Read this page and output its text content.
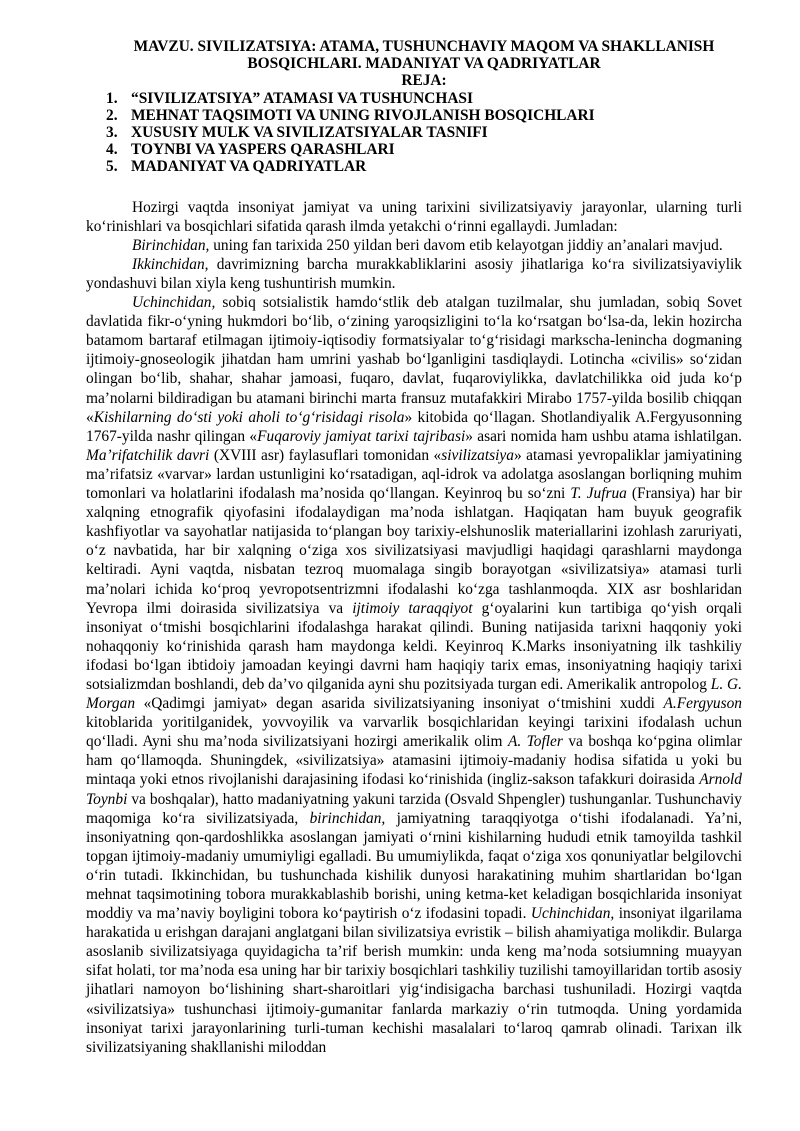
MAVZU. SIVILIZATSIYA: ATAMA, TUSHUNCHAVIY MAQOM VA SHAKLLANISH
BOSQICHLARI. MADANIYAT VA QADRIYATLAR
REJA:
1. “SIVILIZATSIYA” ATAMASI VA TUSHUNCHASI
2. MEHNAT TAQSIMOTI VA UNING RIVOJLANISH BOSQICHLARI
3. XUSUSIY MULK VA SIVILIZATSIYALAR TASNIFI
4. TOYNBI VA YASPERS QARASHLARI
5. MADANIYAT VA QADRIYATLAR

Hozirgi vaqtda insoniyat jamiyat va uning tarixini sivilizatsiyaviy jarayonlar, ularning turli ko‘rinishlari va bosqichlari sifatida qarash ilmda yetakchi o‘rinni egallaydi. Jumladan:

Birinchidan, uning fan tarixida 250 yildan beri davom etib kelayotgan jiddiy an’analari mavjud.

Ikkinchidan, davrimizning barcha murakkabliklarini asosiy jihatlariga ko‘ra sivilizatsiyaviylik yondashuvi bilan xiyla keng tushuntirish mumkin.

Uchinchidan, sobiq sotsialistik hamdo‘stlik deb atalgan tuzilmalar, shu jumladan, sobiq Sovet davlatida fikr-o‘yning hukmdori bo‘lib, o‘zining yaroqsizligini to‘la ko‘rsatgan bo‘lsa-da, lekin hozircha batamom bartaraf etilmagan ijtimoiy-iqtisodiy formatsiyalar to‘g‘risidagi markscha-lenincha dogmaning ijtimoiy-gnoseologik jihatdan ham umrini yashab bo‘lganligini tasdiqlaydi. Lotincha «civilis» so‘zidan olingan bo‘lib, shahar, shahar jamoasi, fuqaro, davlat, fuqaroviylikka, davlatchilikka oid juda ko‘p ma’nolarni bildiradigan bu atamani birinchi marta fransuz mutafakkiri Mirabo 1757-yilda bosilib chiqqan «Kishilarning do‘sti yoki aholi to‘g‘risidagi risola» kitobida qo‘llagan. Shotlandiyalik A.Fergyusonning 1767-yilda nashr qilingan «Fuqaroviy jamiyat tarixi tajribasi» asari nomida ham ushbu atama ishlatilgan. Ma’rifatchilik davri (XVIII asr) faylasuflari tomonidan «sivilizatsiya» atamasi yevropaliklar jamiyatining ma’rifatsiz «varvar» lardan ustunligini ko‘rsatadigan, aql-idrok va adolatga asoslangan borliqning muhim tomonlari va holatlarini ifodalash ma’nosida qo‘llangan. Keyinroq bu so‘zni T. Jufrua (Fransiya) har bir xalqning etnografik qiyofasini ifodalaydigan ma’noda ishlatgan. Haqiqatan ham buyuk geografik kashfiyotlar va sayohatlar natijasida to‘plangan boy tarixiy-elshunoslik materiallarini izohlash zaruriyati, o‘z navbatida, har bir xalqning o‘ziga xos sivilizatsiyasi mavjudligi haqidagi qarashlarni maydonga keltiradi. Ayni vaqtda, nisbatan tezroq muomalaga singib borayotgan «sivilizatsiya» atamasi turli ma’nolari ichida ko‘proq yevropotsentrizmni ifodalashi ko‘zga tashlanmoqda. XIX asr boshlaridan Yevropa ilmi doirasida sivilizatsiya va ijtimoiy taraqqiyot g‘oyalarini kun tartibiga qo‘yish orqali insoniyat o‘tmishi bosqichlarini ifodalashga harakat qilindi. Buning natijasida tarixni haqqoniy yoki nohaqqoniy ko‘rinishida qarash ham maydonga keldi. Keyinroq K.Marks insoniyatning ilk tashkiliy ifodasi bo‘lgan ibtidoiy jamoadan keyingi davrni ham haqiqiy tarix emas, insoniyatning haqiqiy tarixi sotsializmdan boshlandi, deb da’vo qilganida ayni shu pozitsiyada turgan edi. Amerikalik antropolog L. G. Morgan «Qadimgi jamiyat» degan asarida sivilizatsiyaning insoniyat o‘tmishini xuddi A.Fergyuson kitoblarida yoritilganidek, yovvoyilik va varvarlik bosqichlaridan keyingi tarixini ifodalash uchun qo‘lladi. Ayni shu ma’noda sivilizatsiyani hozirgi amerikalik olim A. Tofler va boshqa ko‘pgina olimlar ham qo‘llamoqda. Shuningdek, «sivilizatsiya» atamasini ijtimoiy-madaniy hodisa sifatida u yoki bu mintaqa yoki etnos rivojlanishi darajasining ifodasi ko‘rinishida (ingliz-sakson tafakkuri doirasida Arnold Toynbi va boshqalar), hatto madaniyatning yakuni tarzida (Osvald Shpengler) tushunganlar. Tushunchaviy maqomiga ko‘ra sivilizatsiyada, birinchidan, jamiyatning taraqqiyotga o‘tishi ifodalanadi. Ya’ni, insoniyatning qon-qardoshlikka asoslangan jamiyati o‘rnini kishilarning hududi etnik tamoyilda tashkil topgan ijtimoiy-madaniy umumiyligi egalladi. Bu umumiylikda, faqat o‘ziga xos qonuniyatlar belgilovchi o‘rin tutadi. Ikkinchidan, bu tushunchada kishilik dunyosi harakatining muhim shartlaridan bo‘lgan mehnat taqsimotining tobora murakkablashib borishi, uning ketma-ket keladigan bosqichlarida insoniyat moddiy va ma’naviy boyligini tobora ko‘paytirish o‘z ifodasini topadi. Uchinchidan, insoniyat ilgarilama harakatida u erishgan darajani anglatgani bilan sivilizatsiya evristik – bilish ahamiyatiga molikdir. Bularga asoslanib sivilizatsiyaga quyidagicha ta’rif berish mumkin: unda keng ma’noda sotsiumning muayyan sifat holati, tor ma’noda esa uning har bir tarixiy bosqichlari tashkiliy tuzilishi tamoyillaridan tortib asosiy jihatlari namoyon bo‘lishining shart-sharoitlari yig‘indisigacha barchasi tushuniladi. Hozirgi vaqtda «sivilizatsiya» tushunchasi ijtimoiy-gumanitar fanlarda markaziy o‘rin tutmoqda. Uning yordamida insoniyat tarixi jarayonlarining turli-tuman kechishi masalalari to‘laroq qamrab olinadi. Tarixan ilk sivilizatsiyaning shakllanishi miloddan
